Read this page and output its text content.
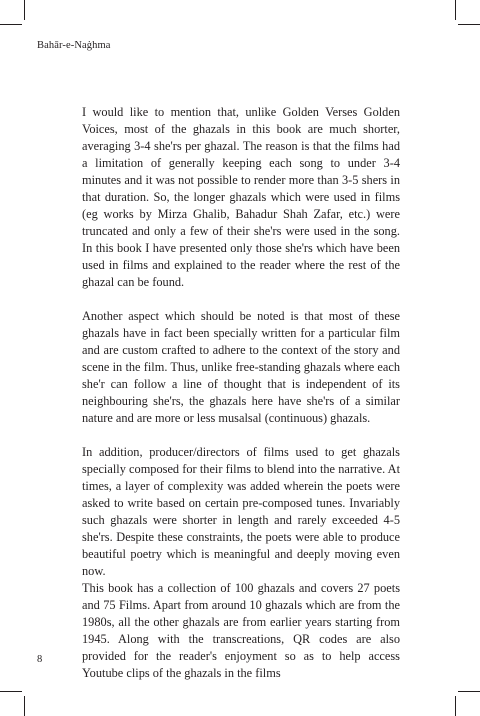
Bahār-e-Naġhma

I would like to mention that, unlike Golden Verses Golden Voices, most of the ghazals in this book are much shorter, averaging 3-4 she'rs per ghazal. The reason is that the films had a limitation of generally keeping each song to under 3-4 minutes and it was not possible to render more than 3-5 shers in that duration. So, the longer ghazals which were used in films (eg works by Mirza Ghalib, Bahadur Shah Zafar, etc.) were truncated and only a few of their she'rs were used in the song. In this book I have presented only those she'rs which have been used in films and explained to the reader where the rest of the ghazal can be found.

Another aspect which should be noted is that most of these ghazals have in fact been specially written for a particular film and are custom crafted to adhere to the context of the story and scene in the film. Thus, unlike free-standing ghazals where each she'r can follow a line of thought that is independent of its neighbouring she'rs, the ghazals here have she'rs of a similar nature and are more or less musalsal (continuous) ghazals.

In addition, producer/directors of films used to get ghazals specially composed for their films to blend into the narrative. At times, a layer of complexity was added wherein the poets were asked to write based on certain pre-composed tunes. Invariably such ghazals were shorter in length and rarely exceeded 4-5 she'rs. Despite these constraints, the poets were able to produce beautiful poetry which is meaningful and deeply moving even now.

This book has a collection of 100 ghazals and covers 27 poets and 75 Films. Apart from around 10 ghazals which are from the 1980s, all the other ghazals are from earlier years starting from 1945. Along with the transcreations, QR codes are also provided for the reader's enjoyment so as to help access Youtube clips of the ghazals in the films

8
